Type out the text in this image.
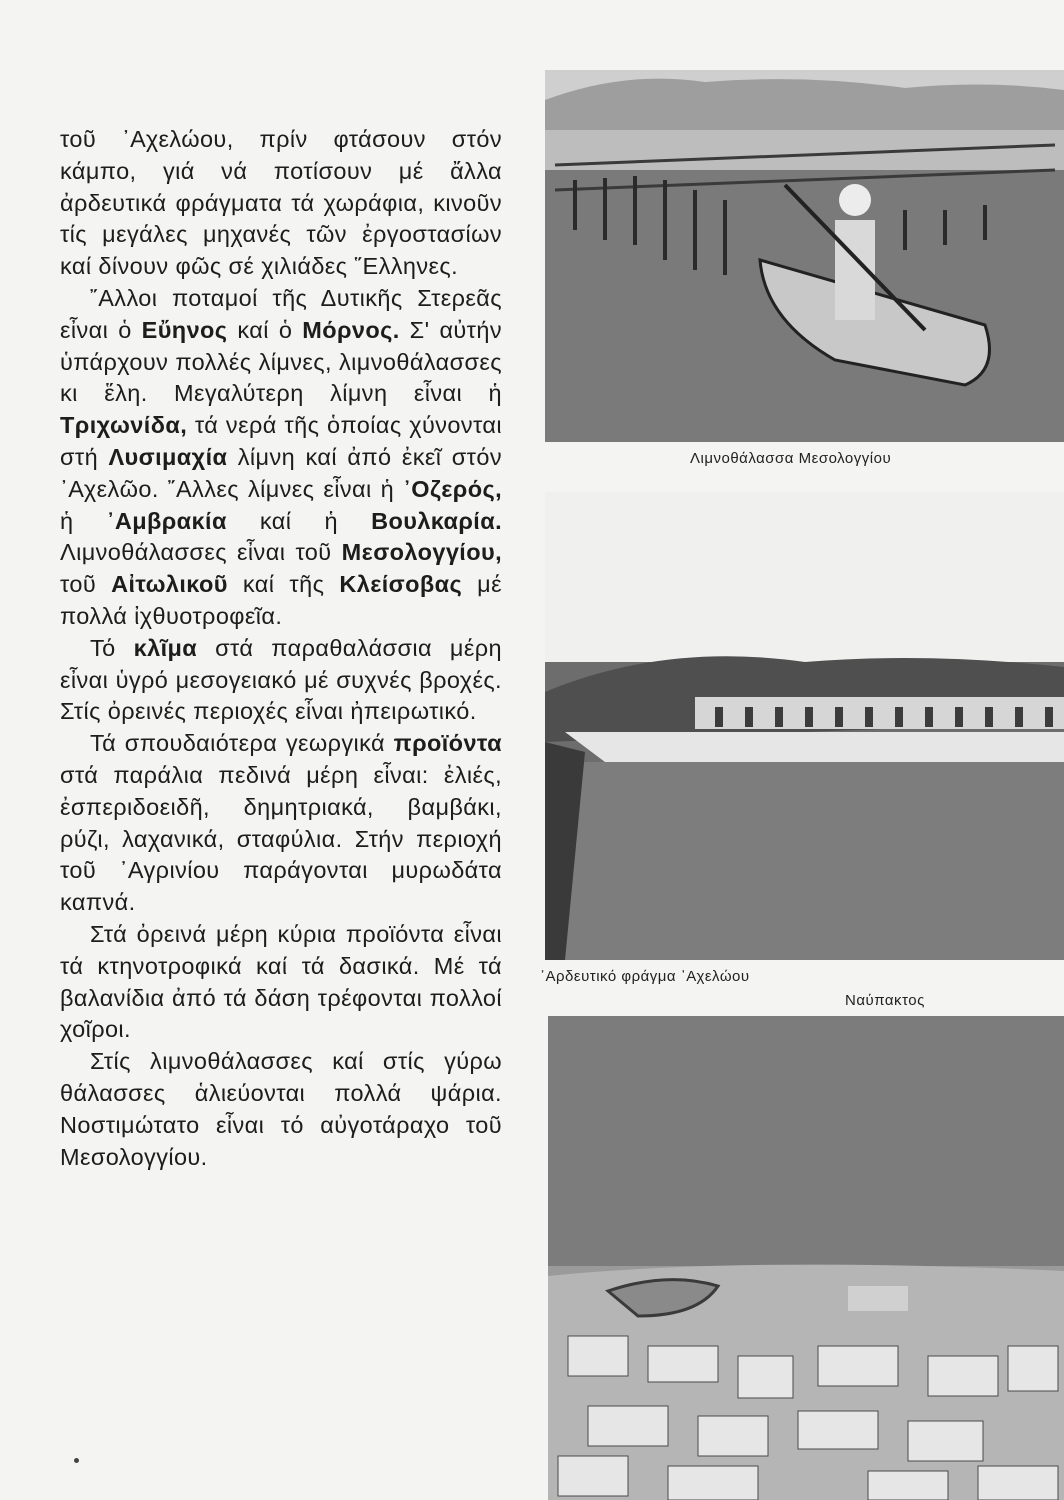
τοῦ ᾿Αχελώου, πρίν φτάσουν στόν κάμπο, γιά νά ποτίσουν μέ ἄλλα ἀρδευτικά φράγματα τά χωράφια, κινοῦν τίς μεγάλες μηχανές τῶν ἐργοστασίων καί δίνουν φῶς σέ χιλιάδες ῞Ελληνες.

῎Αλλοι ποταμοί τῆς Δυτικῆς Στερεᾶς εἶναι ὁ Εὔηνος καί ὁ Μόρνος. Σ' αὐτήν ὑπάρχουν πολλές λίμνες, λιμνοθάλασσες κι ἕλη. Μεγαλύτερη λίμνη εἶναι ἡ Τριχωνίδα, τά νερά τῆς ὁποίας χύνονται στή Λυσιμαχία λίμνη καί ἀπό ἐκεῖ στόν ᾿Αχελῶο. ῎Αλλες λίμνες εἶναι ἡ ᾿Οζερός, ἡ ᾿Αμβρακία καί ἡ Βουλκαρία. Λιμνοθάλασσες εἶναι τοῦ Μεσολογγίου, τοῦ Αἰτωλικοῦ καί τῆς Κλείσοβας μέ πολλά ἰχθυοτροφεῖα.

Τό κλῖμα στά παραθαλάσσια μέρη εἶναι ὑγρό μεσογειακό μέ συχνές βροχές. Στίς ὀρεινές περιοχές εἶναι ἠπειρωτικό.

Τά σπουδαιότερα γεωργικά προϊόντα στά παράλια πεδινά μέρη εἶναι: ἐλιές, ἐσπεριδοειδῆ, δημητριακά, βαμβάκι, ρύζι, λαχανικά, σταφύλια. Στήν περιοχή τοῦ ᾿Αγρινίου παράγονται μυρωδάτα καπνά.

Στά ὀρεινά μέρη κύρια προϊόντα εἶναι τά κτηνοτροφικά καί τά δασικά. Μέ τά βαλανίδια ἀπό τά δάση τρέφονται πολλοί χοῖροι.

Στίς λιμνοθάλασσες καί στίς γύρω θάλασσες ἁλιεύονται πολλά ψάρια. Νοστιμώτατο εἶναι τό αὐγοτάραχο τοῦ Μεσολογγίου.

Λιμνοθάλασσα Μεσολογγίου
᾿Αρδευτικό φράγμα ᾿Αχελώου
Ναύπακτος
